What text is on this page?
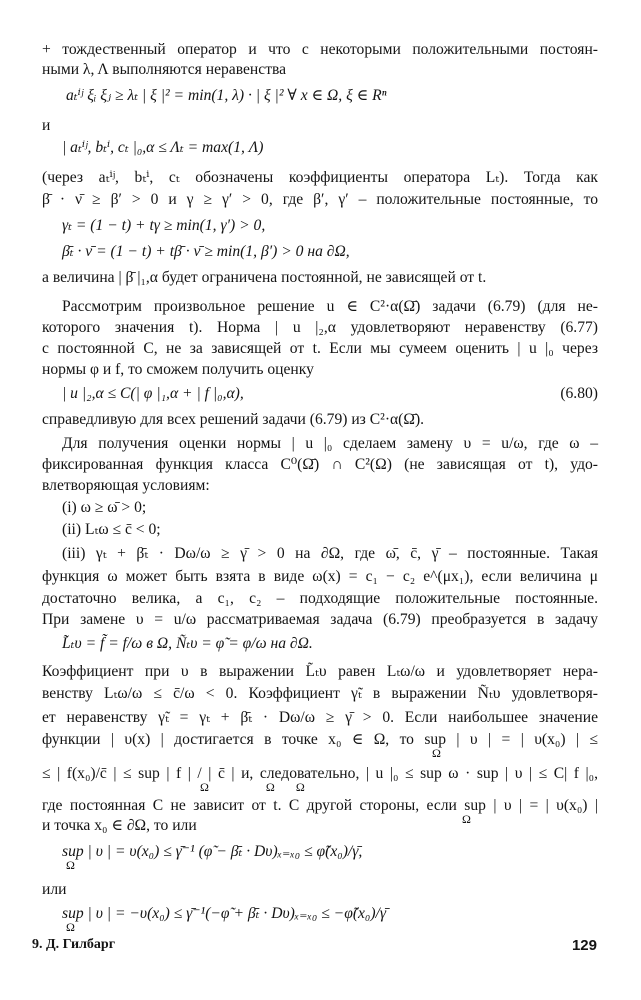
+ тождественный оператор и что с некоторыми положительными постоян-
ными λ, Λ выполняются неравенства
aₜⁱʲ ξᵢ ξⱼ ≥ λₜ | ξ |² = min(1, λ) · | ξ |² ∀ x ∈ Ω, ξ ∈ Rⁿ
и
| aₜⁱʲ, bₜⁱ, cₜ |₀,α ≤ Λₜ = max(1, Λ)
(через aₜⁱʲ, bₜⁱ, cₜ обозначены коэффициенты оператора Lₜ). Тогда как
β̄ · ν̄ ≥ β′ > 0 и γ ≥ γ′ > 0, где β′, γ′ – положительные постоянные, то
γₜ = (1 − t) + tγ ≥ min(1, γ′) > 0,
β̄ₜ · ν̄ = (1 − t) + tβ̄ · ν̄ ≥ min(1, β′) > 0 на ∂Ω,
а величина | β̄ |₁,α будет ограничена постоянной, не зависящей от t.
Рассмотрим произвольное решение u ∈ C²·α(Ω̄) задачи (6.79) (для не-
которого значения t). Норма | u |₂,α удовлетворяют неравенству (6.77)
с постоянной C, не за зависящей от t. Если мы сумеем оценить | u |₀ через
нормы φ и f, то сможем получить оценку
| u |₂,α ≤ C(| φ |₁,α + | f |₀,α),	(6.80)
справедливую для всех решений задачи (6.79) из C²·α(Ω̄).
Для получения оценки нормы | u |₀ сделаем замену υ = u/ω, где ω –
фиксированная функция класса C⁰(Ω̄) ∩ C²(Ω) (не зависящая от t), удо-
влетворяющая условиям:
(i) ω ≥ ω̄ > 0;
(ii) Lₜω ≤ c̄ < 0;
(iii) γₜ + β̄ₜ · Dω/ω ≥ γ̄ > 0 на ∂Ω, где ω̄, c̄, γ̄ – постоянные. Такая
функция ω может быть взята в виде ω(x) = c₁ − c₂ e^(μx₁), если величина μ
достаточно велика, а c₁, c₂ – подходящие положительные постоянные.
При замене υ = u/ω рассматриваемая задача (6.79) преобразуется в задачу
L̃ₜυ = f̃ = f/ω в Ω, Ñₜυ = φ̃ = φ/ω на ∂Ω.
Коэффициент при υ в выражении L̃ₜυ равен Lₜω/ω и удовлетворяет нера-
венству Lₜω/ω ≤ c̄/ω < 0. Коэффициент γ̃ₜ в выражении Ñₜυ удовлетворя-
ет неравенству γ̃ₜ = γₜ + β̄ₜ · Dω/ω ≥ γ̄ > 0. Если наибольшее значение
функции | υ(x) | достигается в точке x₀ ∈ Ω, то sup | υ | = | υ(x₀) | ≤
Ω
≤ | f(x₀)/c̄ | ≤ sup | f | / | c̄ | и, следовательно, | u |₀ ≤ sup ω · sup | υ | ≤ C| f |₀,
Ω                   Ω       Ω
где постоянная C не зависит от t. С другой стороны, если sup | υ | = | υ(x₀) |
Ω
и точка x₀ ∈ ∂Ω, то или
sup | υ | = υ(x₀) ≤ γ̄⁻¹ (φ̃ − β̄ₜ · Dυ)ₓ₌ₓ₀ ≤ φ̃(x₀)/γ̄,
Ω
или
sup | υ | = −υ(x₀) ≤ γ̄⁻¹(−φ̃ + β̄ₜ · Dυ)ₓ₌ₓ₀ ≤ −φ̃(x₀)/γ̄
Ω
9. Д. Гилбарг	129
